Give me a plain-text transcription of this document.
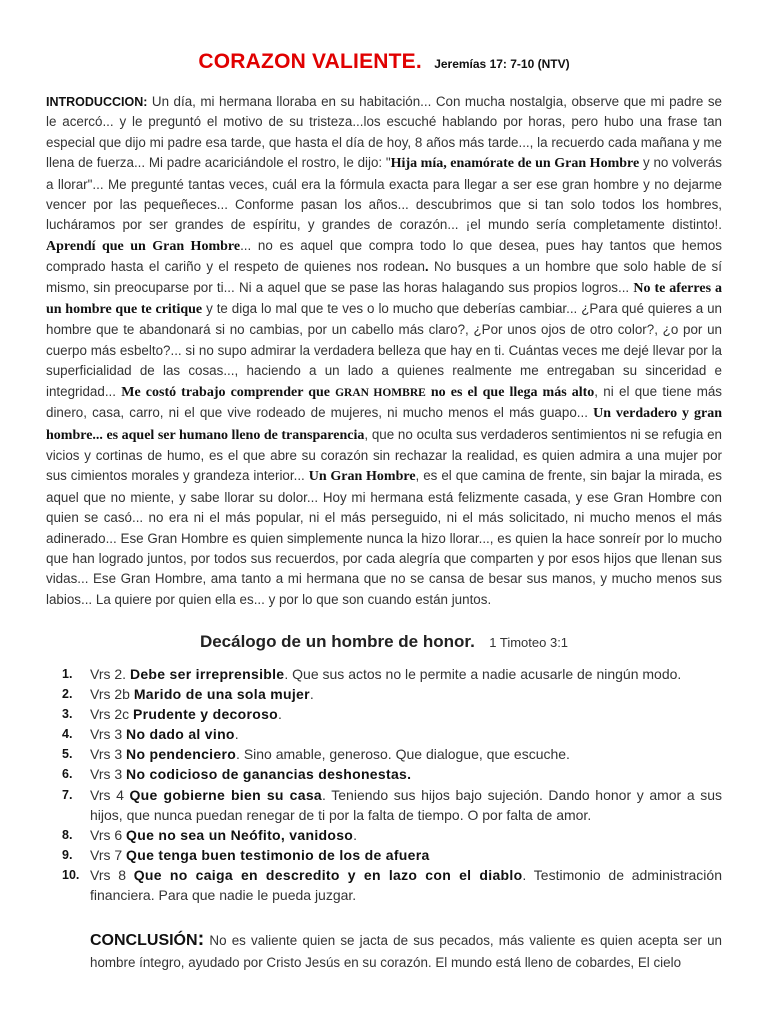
CORAZON VALIENTE. Jeremías 17: 7-10 (NTV)
INTRODUCCION: Un día, mi hermana lloraba en su habitación... Con mucha nostalgia, observe que mi padre se le acercó... y le preguntó el motivo de su tristeza...los escuché hablando por horas, pero hubo una frase tan especial que dijo mi padre esa tarde, que hasta el día de hoy, 8 años más tarde..., la recuerdo cada mañana y me llena de fuerza... Mi padre acariciándole el rostro, le dijo: "Hija mía, enamórate de un Gran Hombre y no volverás a llorar"... Me pregunté tantas veces, cuál era la fórmula exacta para llegar a ser ese gran hombre y no dejarme vencer por las pequeñeces... Conforme pasan los años... descubrimos que si tan solo todos los hombres, lucháramos por ser grandes de espíritu, y grandes de corazón... ¡el mundo sería completamente distinto!. Aprendí que un Gran Hombre... no es aquel que compra todo lo que desea, pues hay tantos que hemos comprado hasta el cariño y el respeto de quienes nos rodean. No busques a un hombre que solo hable de sí mismo, sin preocuparse por ti... Ni a aquel que se pase las horas halagando sus propios logros... No te aferres a un hombre que te critique y te diga lo mal que te ves o lo mucho que deberías cambiar... ¿Para qué quieres a un hombre que te abandonará si no cambias, por un cabello más claro?, ¿Por unos ojos de otro color?, ¿o por un cuerpo más esbelto?... si no supo admirar la verdadera belleza que hay en ti. Cuántas veces me dejé llevar por la superficialidad de las cosas..., haciendo a un lado a quienes realmente me entregaban su sinceridad e integridad... Me costó trabajo comprender que GRAN HOMBRE no es el que llega más alto, ni el que tiene más dinero, casa, carro, ni el que vive rodeado de mujeres, ni mucho menos el más guapo... Un verdadero y gran hombre... es aquel ser humano lleno de transparencia, que no oculta sus verdaderos sentimientos ni se refugia en vicios y cortinas de humo, es el que abre su corazón sin rechazar la realidad, es quien admira a una mujer por sus cimientos morales y grandeza interior... Un Gran Hombre, es el que camina de frente, sin bajar la mirada, es aquel que no miente, y sabe llorar su dolor... Hoy mi hermana está felizmente casada, y ese Gran Hombre con quien se casó... no era ni el más popular, ni el más perseguido, ni el más solicitado, ni mucho menos el más adinerado... Ese Gran Hombre es quien simplemente nunca la hizo llorar..., es quien la hace sonreír por lo mucho que han logrado juntos, por todos sus recuerdos, por cada alegría que comparten y por esos hijos que llenan sus vidas... Ese Gran Hombre, ama tanto a mi hermana que no se cansa de besar sus manos, y mucho menos sus labios... La quiere por quien ella es... y por lo que son cuando están juntos.
Decálogo de un hombre de honor. 1 Timoteo 3:1
1.	Vrs 2. Debe ser irreprensible. Que sus actos no le permite a nadie acusarle de ningún modo.
2.	Vrs 2b Marido de una sola mujer.
3.	Vrs 2c Prudente y decoroso.
4.	Vrs 3 No dado al vino.
5.	Vrs 3 No pendenciero. Sino amable, generoso. Que dialogue, que escuche.
6.	Vrs 3 No codicioso de ganancias deshonestas.
7.	Vrs 4 Que gobierne bien su casa. Teniendo sus hijos bajo sujeción. Dando honor y amor a sus hijos, que nunca puedan renegar de ti por la falta de tiempo. O por falta de amor.
8.	Vrs 6 Que no sea un Neófito, vanidoso.
9.	Vrs 7 Que tenga buen testimonio de los de afuera
10. Vrs 8 Que no caiga en descredito y en lazo con el diablo. Testimonio de administración financiera. Para que nadie le pueda juzgar.
CONCLUSIÓN: No es valiente quien se jacta de sus pecados, más valiente es quien acepta ser un hombre íntegro, ayudado por Cristo Jesús en su corazón. El mundo está lleno de cobardes, El cielo
